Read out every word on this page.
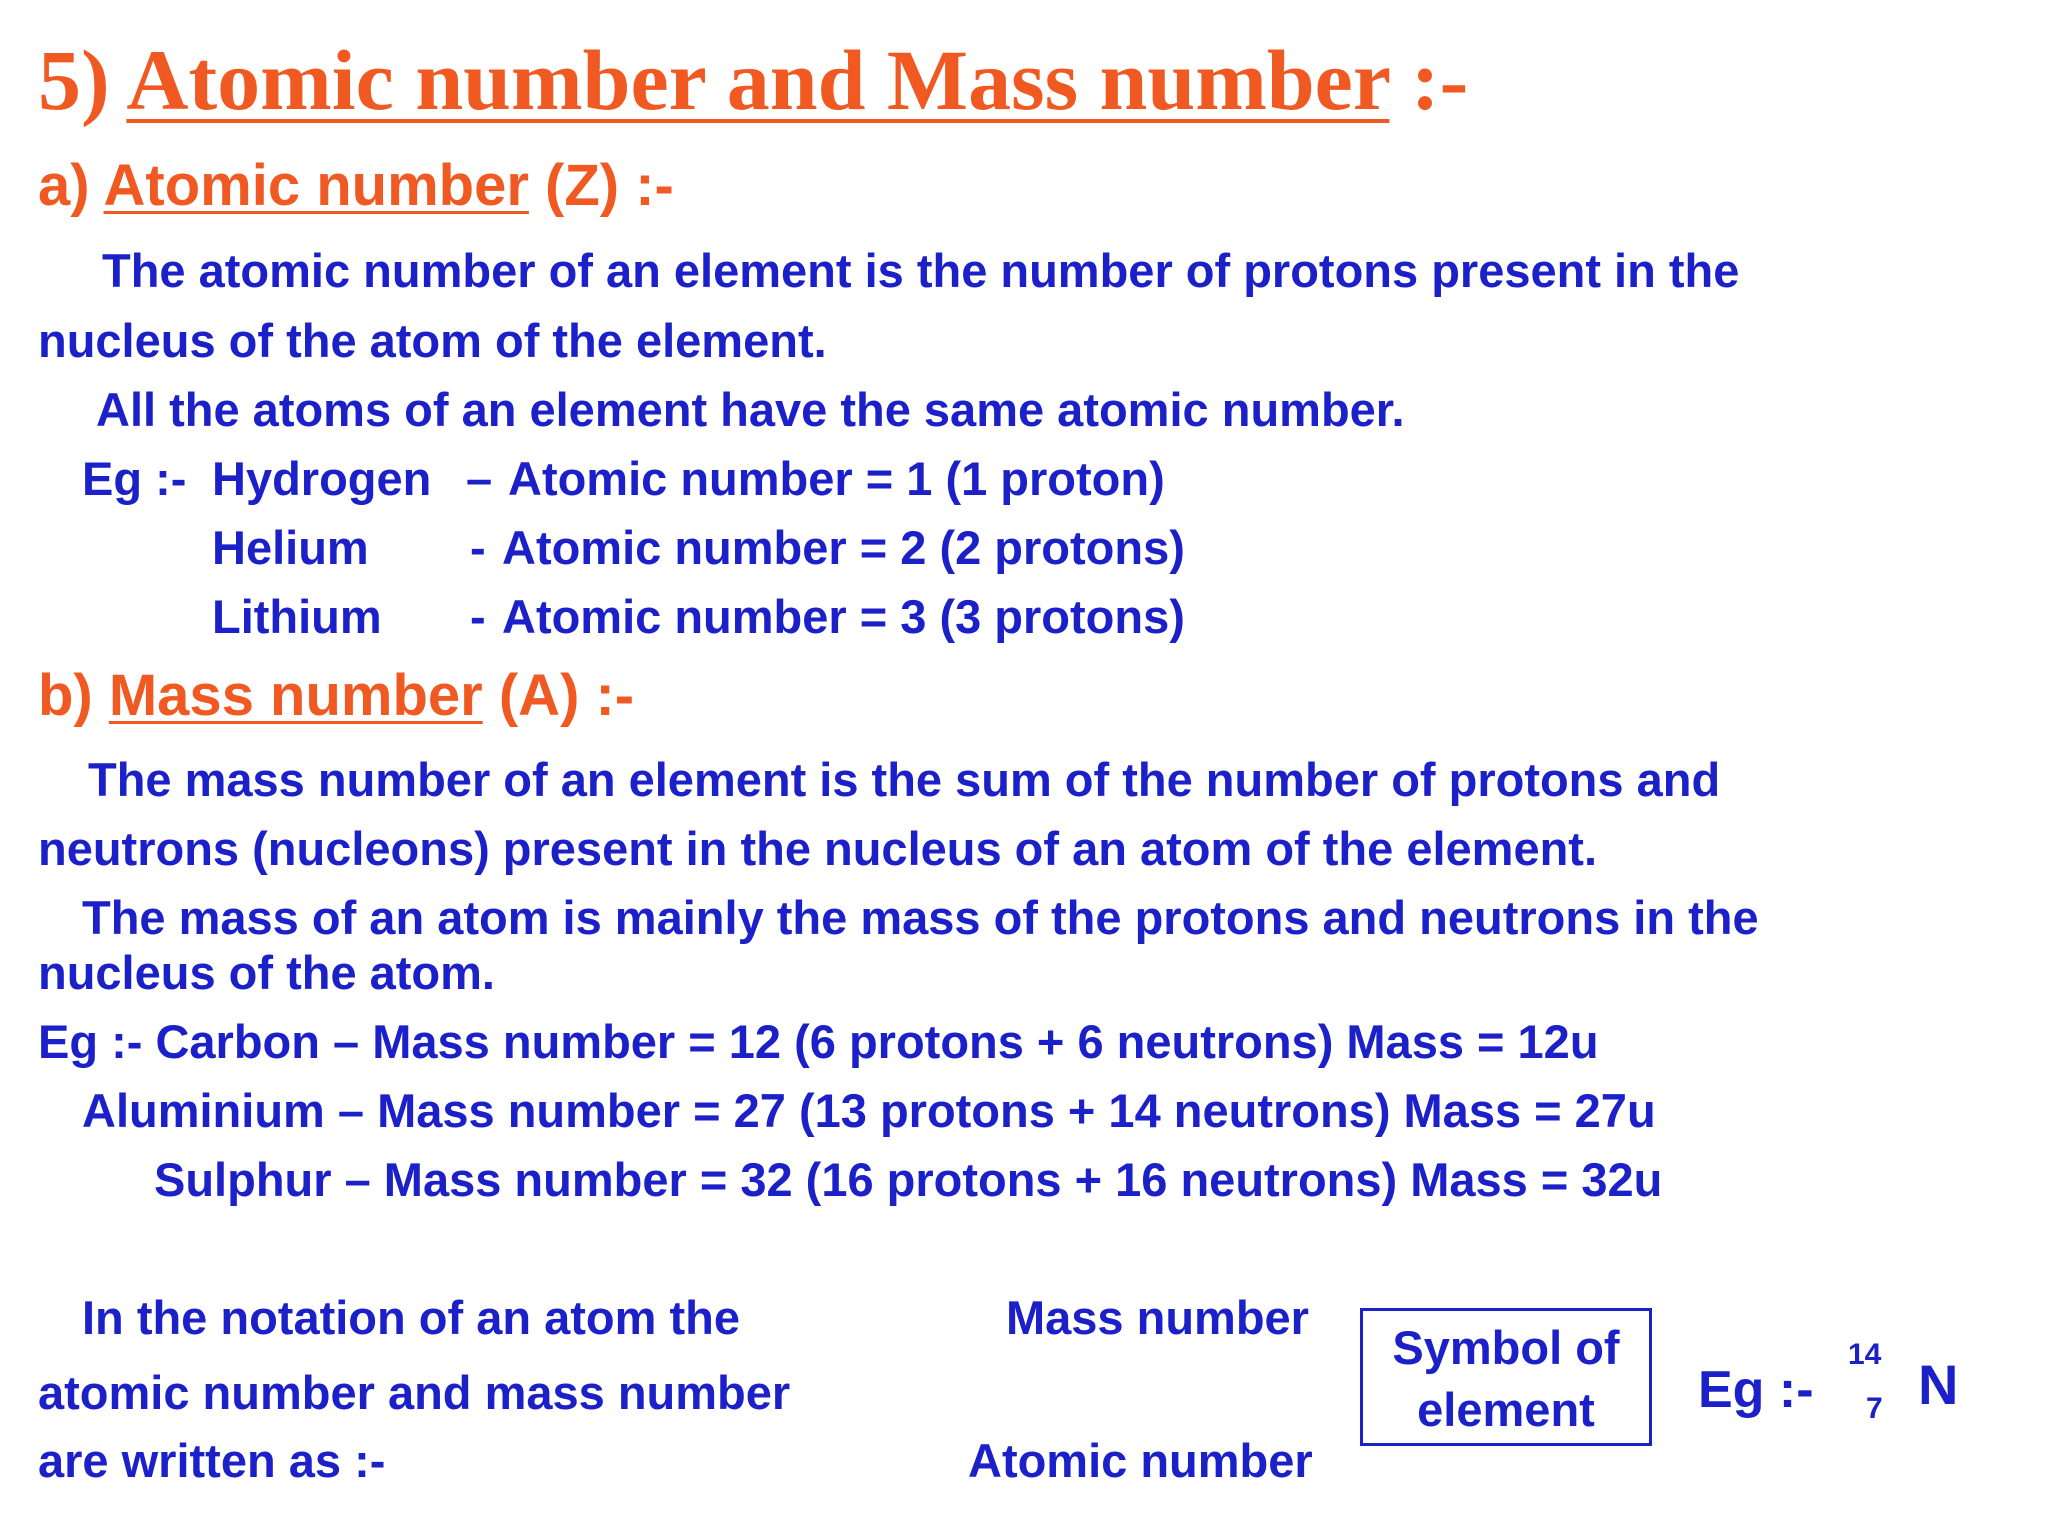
5) Atomic number and Mass number :-
a) Atomic number (Z) :-
The atomic number of an element is the number of protons present in the
nucleus of the atom of the element.
All the atoms of an element have the same atomic number.
Eg :- Hydrogen – Atomic number = 1 (1 proton)
Helium - Atomic number = 2 (2 protons)
Lithium - Atomic number = 3 (3 protons)
b) Mass number (A) :-
The mass number of an element is the sum of the number of protons and
neutrons (nucleons) present in the nucleus of an atom of the element.
The mass of an atom is mainly the mass of the protons and neutrons in the
nucleus of the atom.
Eg :- Carbon – Mass number = 12 (6 protons + 6 neutrons) Mass = 12u
Aluminium – Mass number = 27 (13 protons + 14 neutrons) Mass = 27u
Sulphur – Mass number = 32 (16 protons + 16 neutrons) Mass = 32u
In the notation of an atom the
atomic number and mass number
are written as :-
Mass number
Atomic number
Symbol of
element	Eg :-
14
7 N
